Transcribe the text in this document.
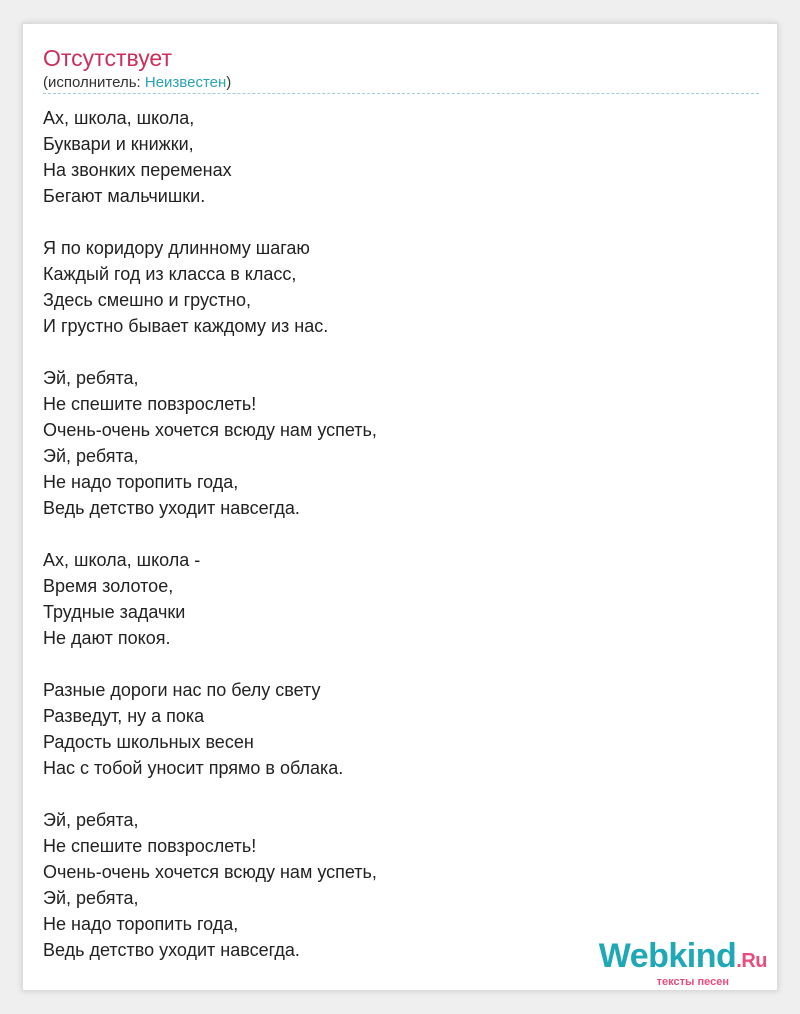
Отсутствует
(исполнитель: Неизвестен)
Ах, школа, школа,
Буквари и книжки,
На звонких переменах
Бегают мальчишки.
Я по коридору длинному шагаю
Каждый год из класса в класс,
Здесь смешно и грустно,
И грустно бывает каждому из нас.
Эй, ребята,
Не спешите повзрослеть!
Очень-очень хочется всюду нам успеть,
Эй, ребята,
Не надо торопить года,
Ведь детство уходит навсегда.
Ах, школа, школа -
Время золотое,
Трудные задачки
Не дают покоя.
Разные дороги нас по белу свету
Разведут, ну а пока
Радость школьных весен
Нас с тобой уносит прямо в облака.
Эй, ребята,
Не спешите повзрослеть!
Очень-очень хочется всюду нам успеть,
Эй, ребята,
Не надо торопить года,
Ведь детство уходит навсегда.	Webkind.Ru
тексты песен
